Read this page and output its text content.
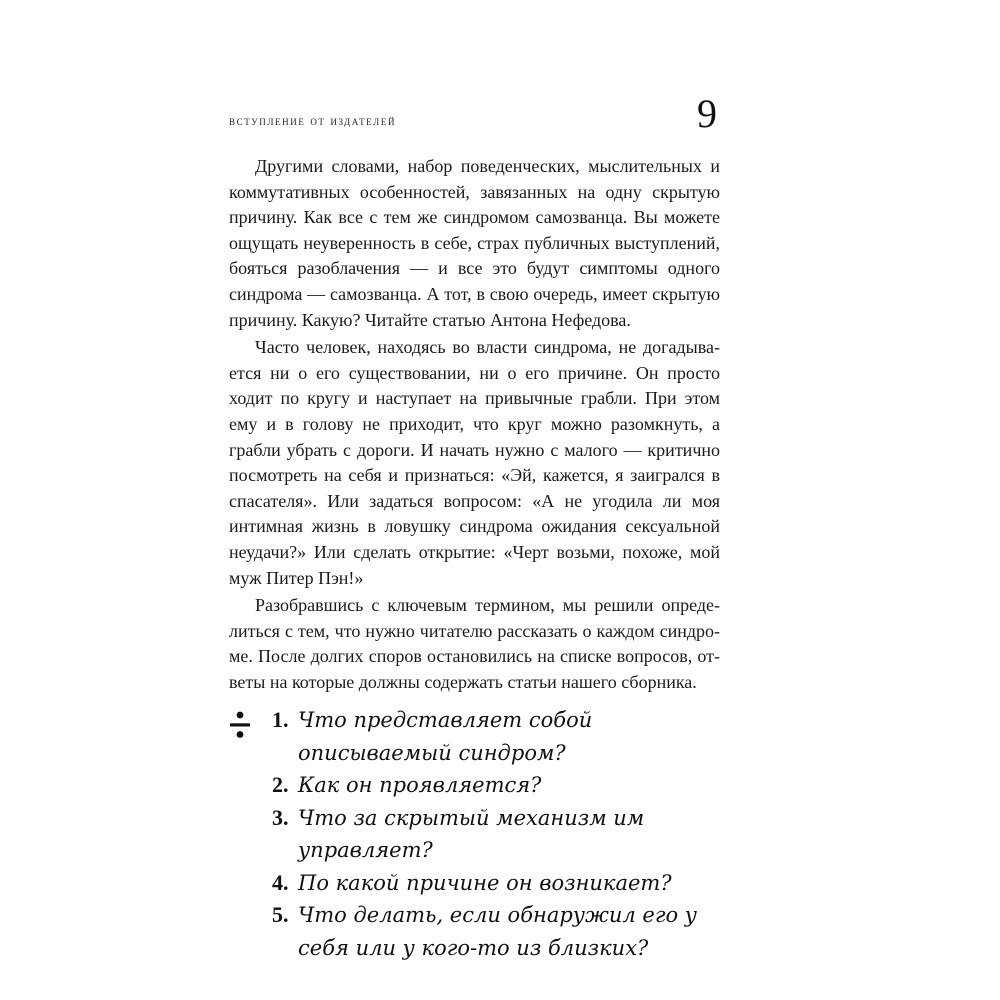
вступление от издателей	9

Другими словами, набор поведенческих, мыслительных и коммутативных особенностей, завязанных на одну скрытую причину. Как все с тем же синдромом самозванца. Вы можете ощущать неуверенность в себе, страх публичных выступлений, бояться разоблачения — и все это будут симптомы одного синдрома — самозванца. А тот, в свою очередь, имеет скрытую причину. Какую? Читайте статью Антона Нефедова.

Часто человек, находясь во власти синдрома, не догадывается ни о его существовании, ни о его причине. Он просто ходит по кругу и наступает на привычные грабли. При этом ему и в голову не приходит, что круг можно разомкнуть, а грабли убрать с дороги. И начать нужно с малого — критично посмотреть на себя и признаться: «Эй, кажется, я заигрался в спасателя». Или задаться вопросом: «А не угодила ли моя интимная жизнь в ловушку синдрома ожидания сексуальной неудачи?» Или сделать открытие: «Черт возьми, похоже, мой муж Питер Пэн!»

Разобравшись с ключевым термином, мы решили определиться с тем, что нужно читателю рассказать о каждом синдроме. После долгих споров остановились на списке вопросов, ответы на которые должны содержать статьи нашего сборника.

1. Что представляет собой описываемый синдром?
2. Как он проявляется?
3. Что за скрытый механизм им управляет?
4. По какой причине он возникает?
5. Что делать, если обнаружил его у себя или у кого-то из близких?
